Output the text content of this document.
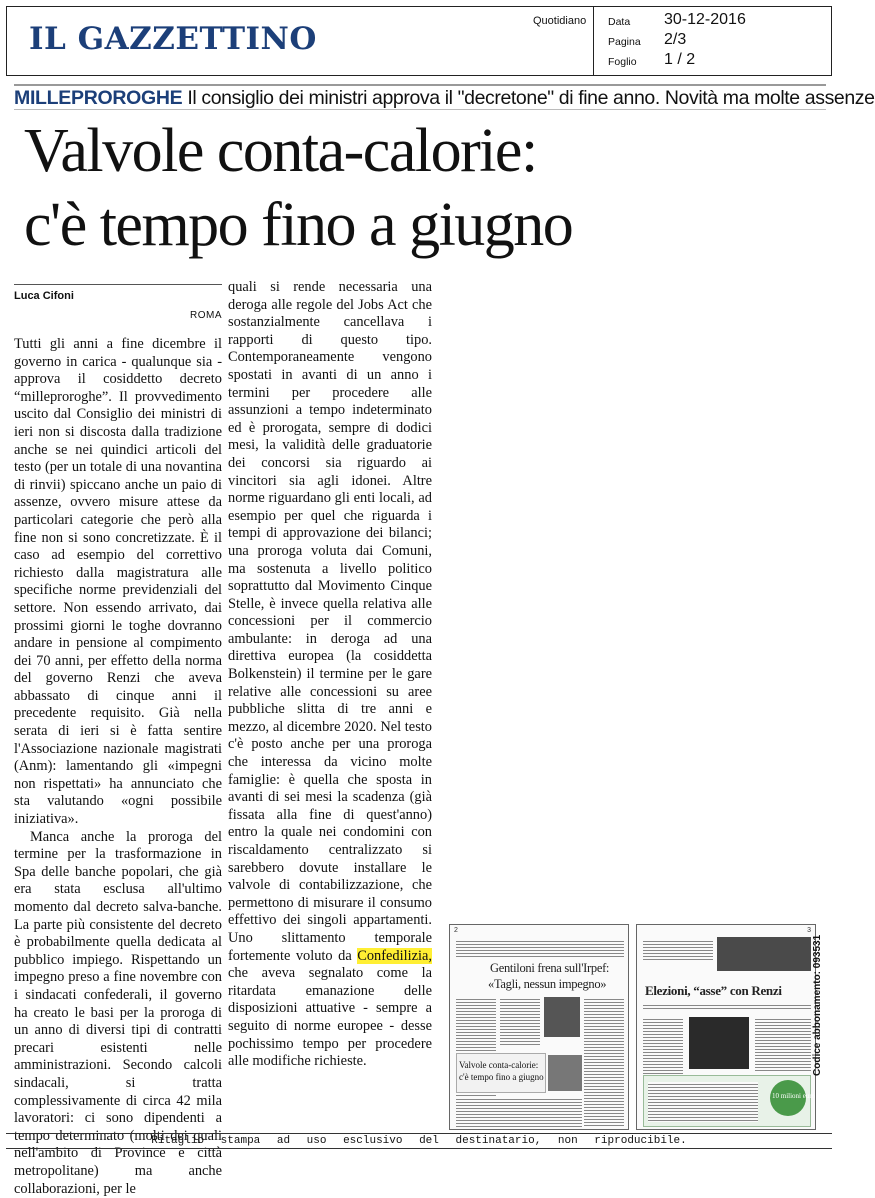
IL GAZZETTINO	Quotidiano Data 30-12-2016
Pagina 2/3
Foglio 1 / 2
MILLEPROROGHE Il consiglio dei ministri approva il "decretone" di fine anno. Novità ma molte assenze
Valvole conta-calorie:
c'è tempo fino a giugno
Luca Cifoni
ROMA

Tutti gli anni a fine dicembre il governo in carica - qualunque sia - approva il cosiddetto decreto “milleproroghe”. Il provvedimento uscito dal Consiglio dei ministri di ieri non si discosta dalla tradizione anche se nei quindici articoli del testo (per un totale di una novantina di rinvii) spiccano anche un paio di assenze, ovvero misure attese da particolari categorie che però alla fine non si sono concretizzate. È il caso ad esempio del correttivo richiesto dalla magistratura alle specifiche norme previdenziali del settore. Non essendo arrivato, dai prossimi giorni le toghe dovranno andare in pensione al compimento dei 70 anni, per effetto della norma del governo Renzi che aveva abbassato di cinque anni il precedente requisito. Già nella serata di ieri si è fatta sentire l'Associazione nazionale magistrati (Anm): lamentando gli «impegni non rispettati» ha annunciato che sta valutando «ogni possibile iniziativa».

Manca anche la proroga del termine per la trasformazione in Spa delle banche popolari, che già era stata esclusa all'ultimo momento dal decreto salva-banche. La parte più consistente del decreto è probabilmente quella dedicata al pubblico impiego. Rispettando un impegno preso a fine novembre con i sindacati confederali, il governo ha creato le basi per la proroga di un anno di diversi tipi di contratti precari esistenti nelle amministrazioni. Secondo calcoli sindacali, si tratta complessivamente di circa 42 mila lavoratori: ci sono dipendenti a tempo determinato (molti dei quali nell'ambito di Province e città metropolitane) ma anche collaborazioni, per le

quali si rende necessaria una deroga alle regole del Jobs Act che sostanzialmente cancellava i rapporti di questo tipo. Contemporaneamente vengono spostati in avanti di un anno i termini per procedere alle assunzioni a tempo indeterminato ed è prorogata, sempre di dodici mesi, la validità delle graduatorie dei concorsi sia riguardo ai vincitori sia agli idonei. Altre norme riguardano gli enti locali, ad esempio per quel che riguarda i tempi di approvazione dei bilanci; una proroga voluta dai Comuni, ma sostenuta a livello politico soprattutto dal Movimento Cinque Stelle, è invece quella relativa alle concessioni per il commercio ambulante: in deroga ad una direttiva europea (la cosiddetta Bolkenstein) il termine per le gare relative alle concessioni su aree pubbliche slitta di tre anni e mezzo, al dicembre 2020. Nel testo c'è posto anche per una proroga che interessa da vicino molte famiglie: è quella che sposta in avanti di sei mesi la scadenza (già fissata alla fine di quest'anno) entro la quale nei condomini con riscaldamento centralizzato si sarebbero dovute installare le valvole di contabilizzazione, che permettono di misurare il consumo effettivo dei singoli appartamenti. Uno slittamento temporale fortemente voluto da Confedilizia, che aveva segnalato come la ritardata emanazione delle disposizioni attuative - sempre a seguito di norme europee - desse pochissimo tempo per procedere alle modifiche richieste.

2
Gentiloni frena sull'Irpef:
«Tagli, nessun impegno»
Valvole conta-calorie:
c'è tempo fino a giugno
3
Elezioni, “asse” con Renzi
10 milioni euro
Codice abbonamento: 093531
Ritaglio stampa ad uso esclusivo del destinatario, non riproducibile.
